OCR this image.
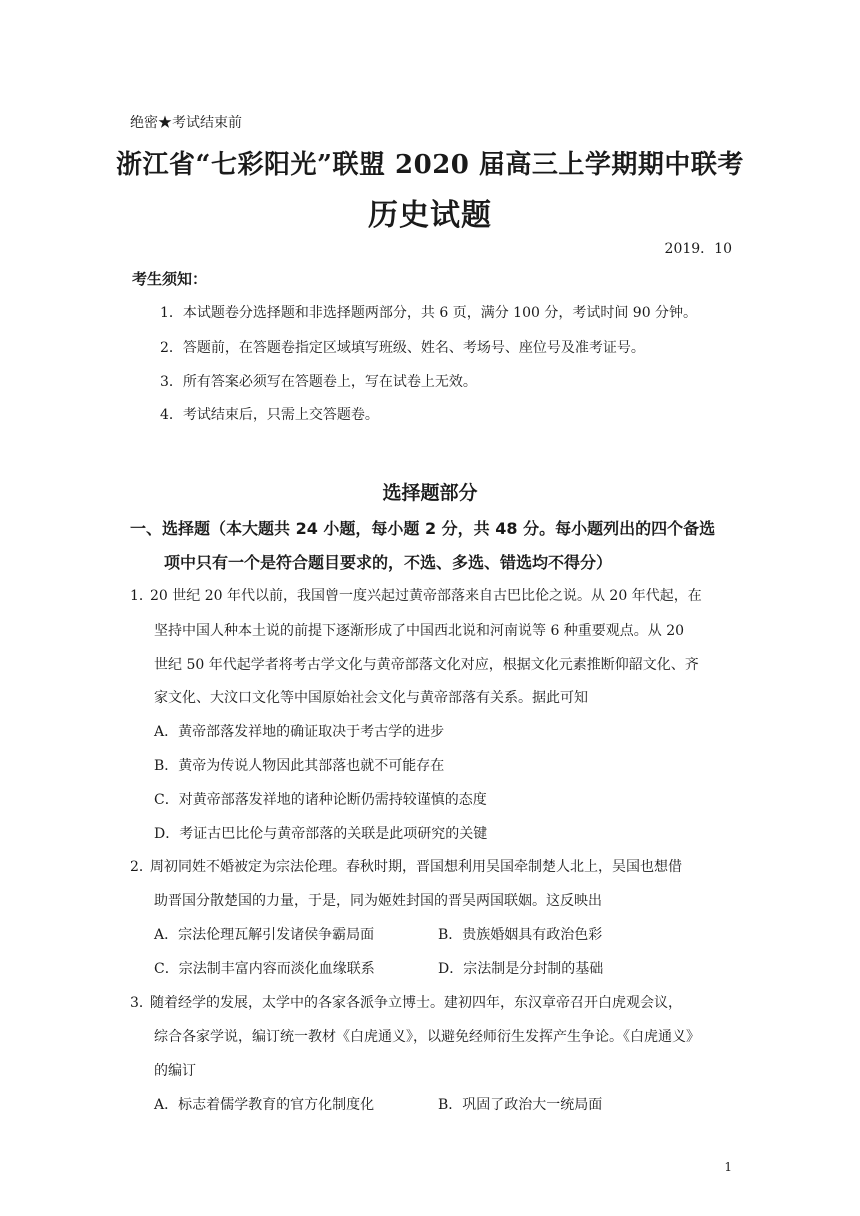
绝密★考试结束前
浙江省“七彩阳光”联盟 2020 届高三上学期期中联考
历史试题
2019．10
考生须知：
1．本试题卷分选择题和非选择题两部分，共 6 页，满分 100 分，考试时间 90 分钟。
2．答题前，在答题卷指定区域填写班级、姓名、考场号、座位号及准考证号。
3．所有答案必须写在答题卷上，写在试卷上无效。
4．考试结束后，只需上交答题卷。
选择题部分
一、选择题（本大题共 24 小题，每小题 2 分，共 48 分。每小题列出的四个备选
项中只有一个是符合题目要求的，不选、多选、错选均不得分）
1．
20 世纪 20 年代以前，我国曾一度兴起过黄帝部落来自古巴比伦之说。从 20 年代起，在
坚持中国人种本土说的前提下逐渐形成了中国西北说和河南说等 6 种重要观点。从 20
世纪 50 年代起学者将考古学文化与黄帝部落文化对应，根据文化元素推断仰韶文化、齐
家文化、大汶口文化等中国原始社会文化与黄帝部落有关系。据此可知
A．黄帝部落发祥地的确证取决于考古学的进步
B．黄帝为传说人物因此其部落也就不可能存在
C．对黄帝部落发祥地的诸种论断仍需持较谨慎的态度
D．考证古巴比伦与黄帝部落的关联是此项研究的关键
2．
周初同姓不婚被定为宗法伦理。春秋时期，晋国想利用吴国牵制楚人北上，吴国也想借
助晋国分散楚国的力量，于是，同为姬姓封国的晋吴两国联姻。这反映出
A．宗法伦理瓦解引发诸侯争霸局面	B．贵族婚姻具有政治色彩
C．宗法制丰富内容而淡化血缘联系	D．宗法制是分封制的基础
3．
随着经学的发展，太学中的各家各派争立博士。建初四年，东汉章帝召开白虎观会议，
综合各家学说，编订统一教材《白虎通义》，以避免经师衍生发挥产生争论。《白虎通义》
的编订
A．标志着儒学教育的官方化制度化	B．巩固了政治大一统局面
1
